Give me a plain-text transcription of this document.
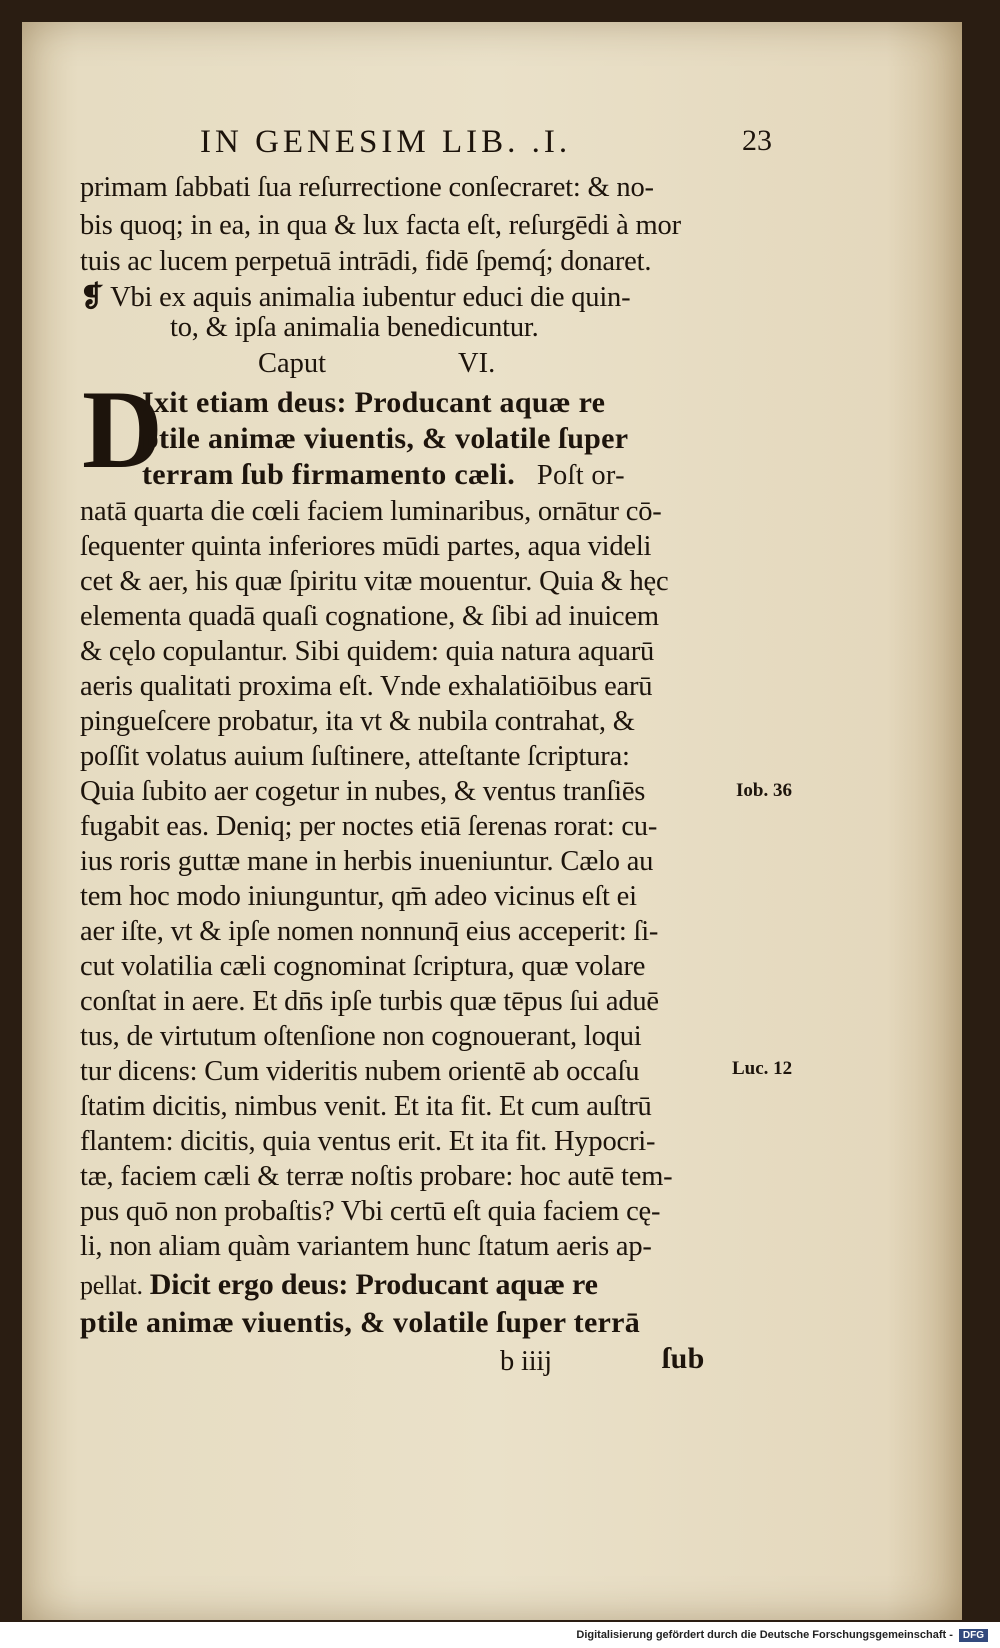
IN GENESIM LIB. .I.	23
primam ſabbati ſua reſurrectione conſecraret: & no-
bis quoq; in ea, in qua & lux facta eſt, reſurgēdi à mor
tuis ac lucem perpetuā intrādi, fidē ſpemq́; donaret.
❡ Vbi ex aquis animalia iubentur educi die quin-
to, & ipſa animalia benedicuntur.
Caput	VI.
D
Ixit etiam deus: Producant aquæ re
ptile animæ viuentis, & volatile ſuper
terram ſub firmamento cæli. Poſt or-
natā quarta die cœli faciem luminaribus, ornātur cō-
ſequenter quinta inferiores mūdi partes, aqua videli
cet & aer, his quæ ſpiritu vitæ mouentur. Quia & hęc
elementa quadā quaſi cognatione, & ſibi ad inuicem
& cęlo copulantur. Sibi quidem: quia natura aquarū
aeris qualitati proxima eſt. Vnde exhalatiōibus earū
pingueſcere probatur, ita vt & nubila contrahat, &
poſſit volatus auium ſuſtinere, atteſtante ſcriptura:
Quia ſubito aer cogetur in nubes, & ventus tranſiēs
fugabit eas. Deniq; per noctes etiā ſerenas rorat: cu-
ius roris guttæ mane in herbis inueniuntur. Cælo au
tem hoc modo iniunguntur, qm̄ adeo vicinus eſt ei
aer iſte, vt & ipſe nomen nonnunq̄ eius acceperit: ſi-
cut volatilia cæli cognominat ſcriptura, quæ volare
conſtat in aere. Et dn̄s ipſe turbis quæ tēpus ſui aduē
tus, de virtutum oſtenſione non cognouerant, loqui
tur dicens: Cum videritis nubem orientē ab occaſu
ſtatim dicitis, nimbus venit. Et ita fit. Et cum auſtrū
flantem: dicitis, quia ventus erit. Et ita fit. Hypocri-
tæ, faciem cæli & terræ noſtis probare: hoc autē tem-
pus quō non probaſtis? Vbi certū eſt quia faciem cę-
li, non aliam quàm variantem hunc ſtatum aeris ap-
pellat. Dicit ergo deus: Producant aquæ re
ptile animæ viuentis, & volatile ſuper terrā
b iiij	ſub
Iob. 36
Luc. 12
Digitalisierung gefördert durch die Deutsche Forschungsgemeinschaft -	DFG
